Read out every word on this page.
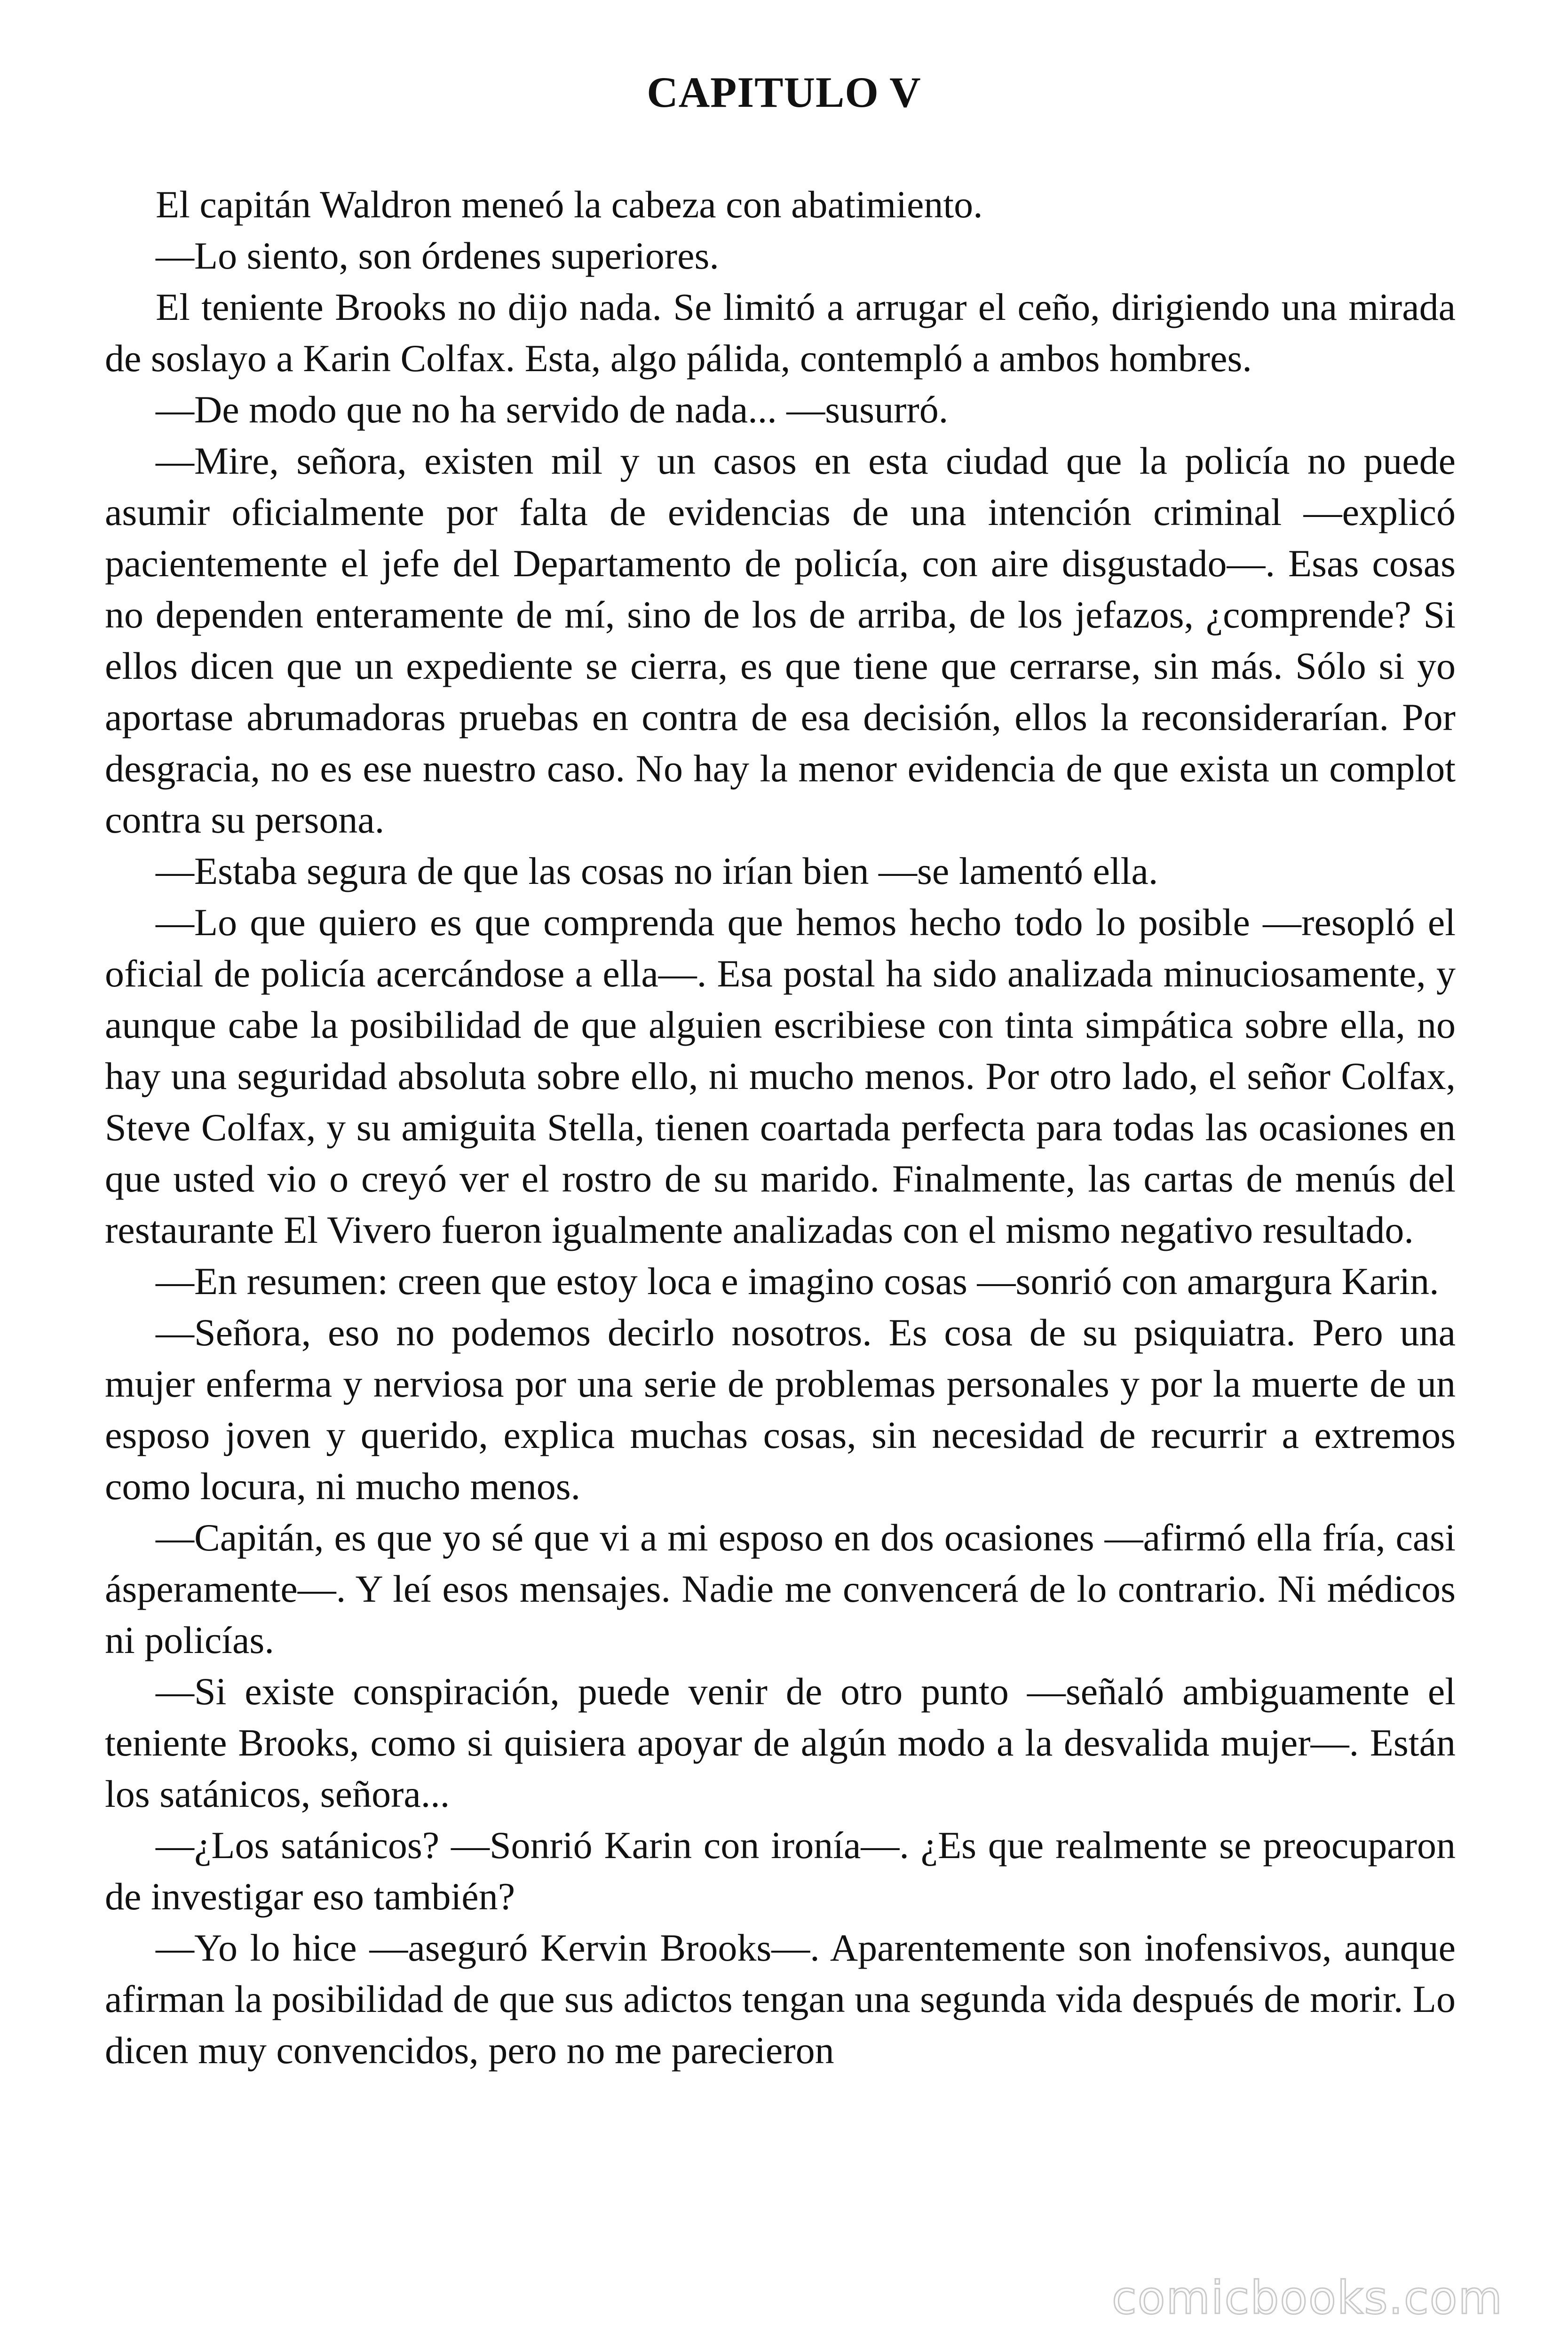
CAPITULO V

El capitán Waldron meneó la cabeza con abatimiento.

—Lo siento, son órdenes superiores.

El teniente Brooks no dijo nada. Se limitó a arrugar el ceño, dirigiendo una mirada de soslayo a Karin Colfax. Esta, algo pálida, contempló a ambos hombres.

—De modo que no ha servido de nada... —susurró.

—Mire, señora, existen mil y un casos en esta ciudad que la policía no puede asumir oficialmente por falta de evidencias de una intención criminal —explicó pacientemente el jefe del Departamento de policía, con aire disgustado—. Esas cosas no dependen enteramente de mí, sino de los de arriba, de los jefazos, ¿comprende? Si ellos dicen que un expediente se cierra, es que tiene que cerrarse, sin más. Sólo si yo aportase abrumadoras pruebas en contra de esa decisión, ellos la reconsiderarían. Por desgracia, no es ese nuestro caso. No hay la menor evidencia de que exista un complot contra su persona.

—Estaba segura de que las cosas no irían bien —se lamentó ella.

—Lo que quiero es que comprenda que hemos hecho todo lo posible —resopló el oficial de policía acercándose a ella—. Esa postal ha sido analizada minuciosamente, y aunque cabe la posibilidad de que alguien escribiese con tinta simpática sobre ella, no hay una seguridad absoluta sobre ello, ni mucho menos. Por otro lado, el señor Colfax, Steve Colfax, y su amiguita Stella, tienen coartada perfecta para todas las ocasiones en que usted vio o creyó ver el rostro de su marido. Finalmente, las cartas de menús del restaurante El Vivero fueron igualmente analizadas con el mismo negativo resultado.

—En resumen: creen que estoy loca e imagino cosas —sonrió con amargura Karin.

—Señora, eso no podemos decirlo nosotros. Es cosa de su psiquiatra. Pero una mujer enferma y nerviosa por una serie de problemas personales y por la muerte de un esposo joven y querido, explica muchas cosas, sin necesidad de recurrir a extremos como locura, ni mucho menos.

—Capitán, es que yo sé que vi a mi esposo en dos ocasiones —afirmó ella fría, casi ásperamente—. Y leí esos mensajes. Nadie me convencerá de lo contrario. Ni médicos ni policías.

—Si existe conspiración, puede venir de otro punto —señaló ambiguamente el teniente Brooks, como si quisiera apoyar de algún modo a la desvalida mujer—. Están los satánicos, señora...

—¿Los satánicos? —Sonrió Karin con ironía—. ¿Es que realmente se preocuparon de investigar eso también?

—Yo lo hice —aseguró Kervin Brooks—. Aparentemente son inofensivos, aunque afirman la posibilidad de que sus adictos tengan una segunda vida después de morir. Lo dicen muy convencidos, pero no me parecieron

comicbooks.com
